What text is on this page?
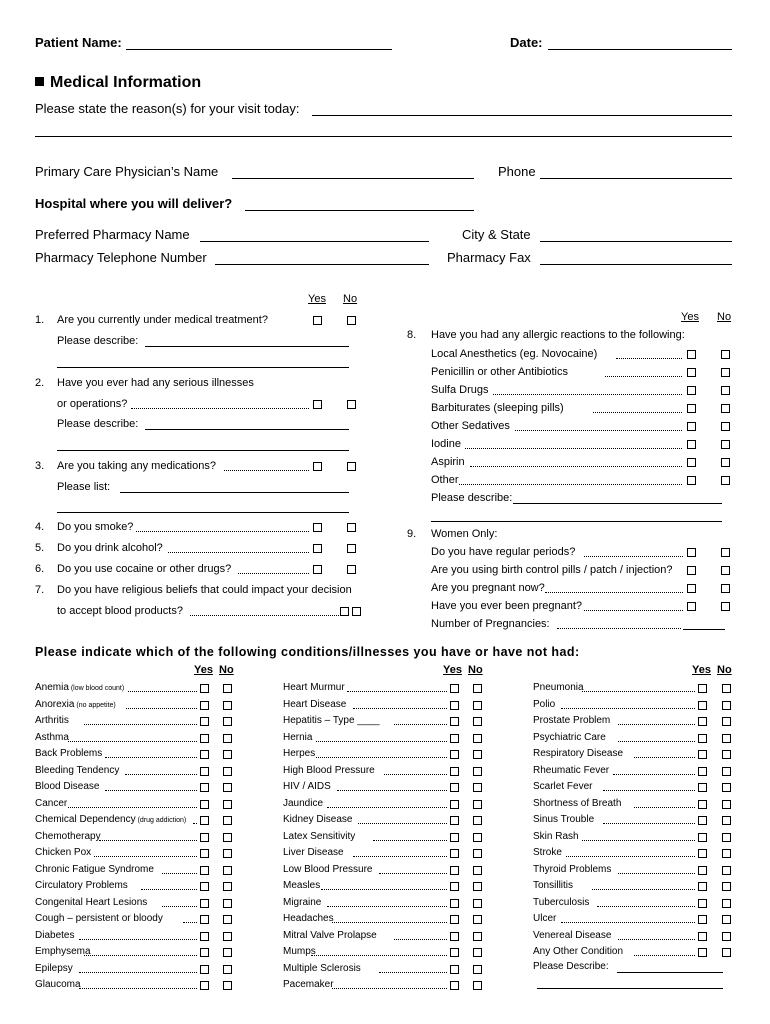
Patient Name:	Date:
Medical Information
Please state the reason(s) for your visit today:
Primary Care Physician’s Name	Phone
Hospital where you will deliver?
Preferred Pharmacy Name	City & State
Pharmacy Telephone Number	Pharmacy Fax
Yes No
1. Are you currently under medical treatment?
Please describe:
2. Have you ever had any serious illnesses
or operations?
Please describe:
3. Are you taking any medications?
Please list:
4. Do you smoke?
5. Do you drink alcohol?
6. Do you use cocaine or other drugs?
7. Do you have religious beliefs that could impact your decision
to accept blood products?
Yes No
8. Have you had any allergic reactions to the following:
Local Anesthetics (eg. Novocaine)
Penicillin or other Antibiotics
Sulfa Drugs
Barbiturates (sleeping pills)
Other Sedatives
Iodine
Aspirin
Other
Please describe:
9. Women Only:
Do you have regular periods?
Are you using birth control pills / patch / injection?
Are you pregnant now?
Have you ever been pregnant?
Number of Pregnancies:
Please indicate which of the following conditions/illnesses you have or have not had:
Yes No
Anemia (low blood count)
Anorexia (no appetite)
Arthritis
Asthma
Back Problems
Bleeding Tendency
Blood Disease
Cancer
Chemical Dependency (drug addiction)
Chemotherapy
Chicken Pox
Chronic Fatigue Syndrome
Circulatory Problems
Congenital Heart Lesions
Cough – persistent or bloody
Diabetes
Emphysema
Epilepsy
Glaucoma
Yes No
Heart Murmur
Heart Disease
Hepatitis – Type ____
Hernia
Herpes
High Blood Pressure
HIV / AIDS
Jaundice
Kidney Disease
Latex Sensitivity
Liver Disease
Low Blood Pressure
Measles
Migraine
Headaches
Mitral Valve Prolapse
Mumps
Multiple Sclerosis
Pacemaker
Yes No
Pneumonia
Polio
Prostate Problem
Psychiatric Care
Respiratory Disease
Rheumatic Fever
Scarlet Fever
Shortness of Breath
Sinus Trouble
Skin Rash
Stroke
Thyroid Problems
Tonsillitis
Tuberculosis
Ulcer
Venereal Disease
Any Other Condition
Please Describe:
